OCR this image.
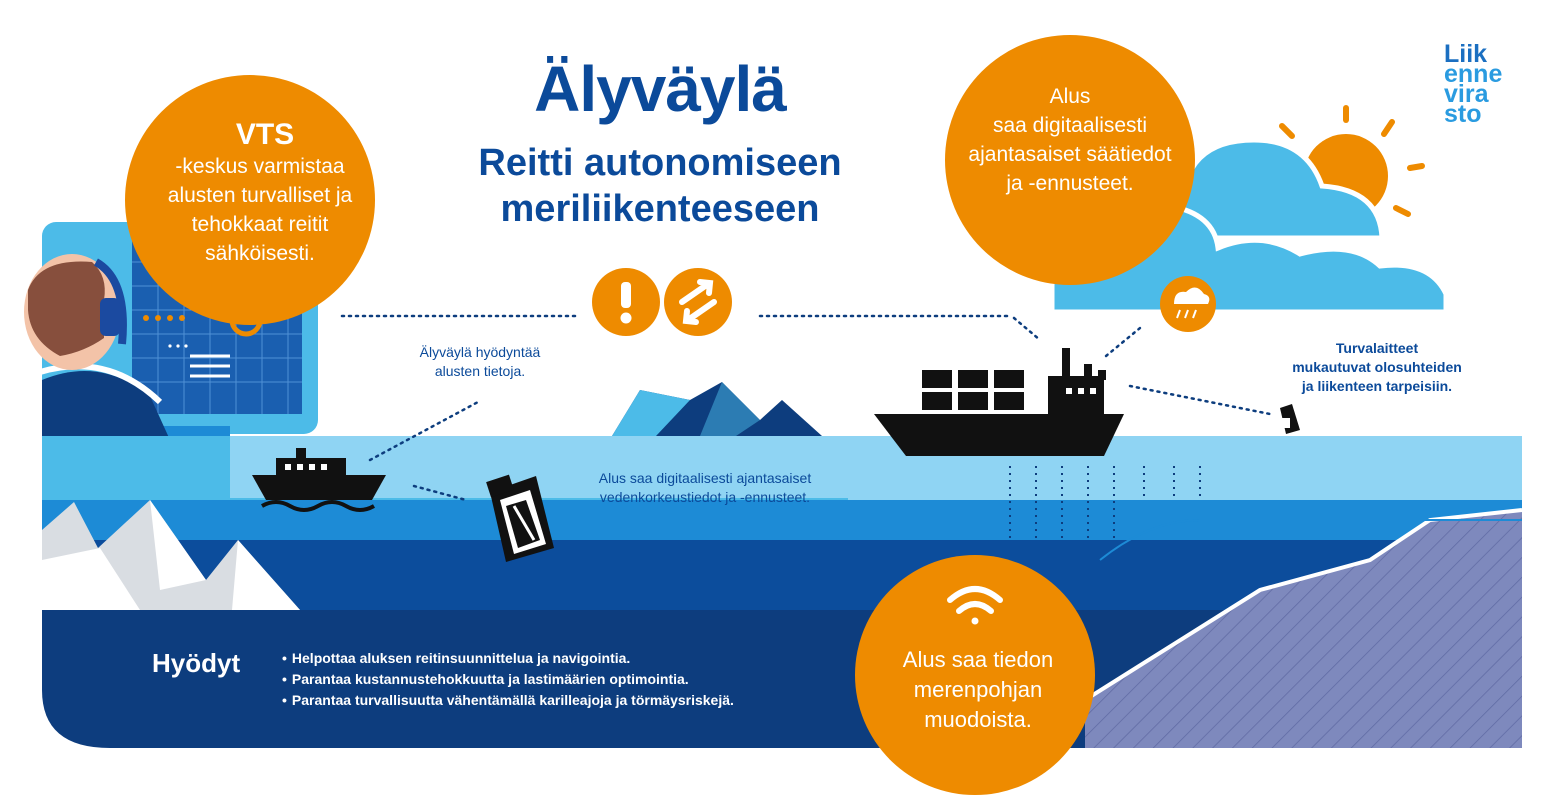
Liik
enne
vira
sto
Älyväylä
Reitti autonomiseen
meriliikenteeseen
VTS
-keskus varmistaa
alusten turvalliset ja
tehokkaat reitit
sähköisesti.
Alus
saa digitaalisesti
ajantasaiset säätiedot
ja -ennusteet.
Alus saa tiedon
merenpohjan
muodoista.
Älyväylä hyödyntää
alusten tietoja.
Alus saa digitaalisesti ajantasaiset
vedenkorkeustiedot ja -ennusteet.
Turvalaitteet
mukautuvat olosuhteiden
ja liikenteen tarpeisiin.
Hyödyt
•	Helpottaa aluksen reitinsuunnittelua ja navigointia.
• Parantaa kustannustehokkuutta ja lastimäärien optimointia.
• Parantaa turvallisuutta vähentämällä karilleajoja ja törmäysriskejä.
